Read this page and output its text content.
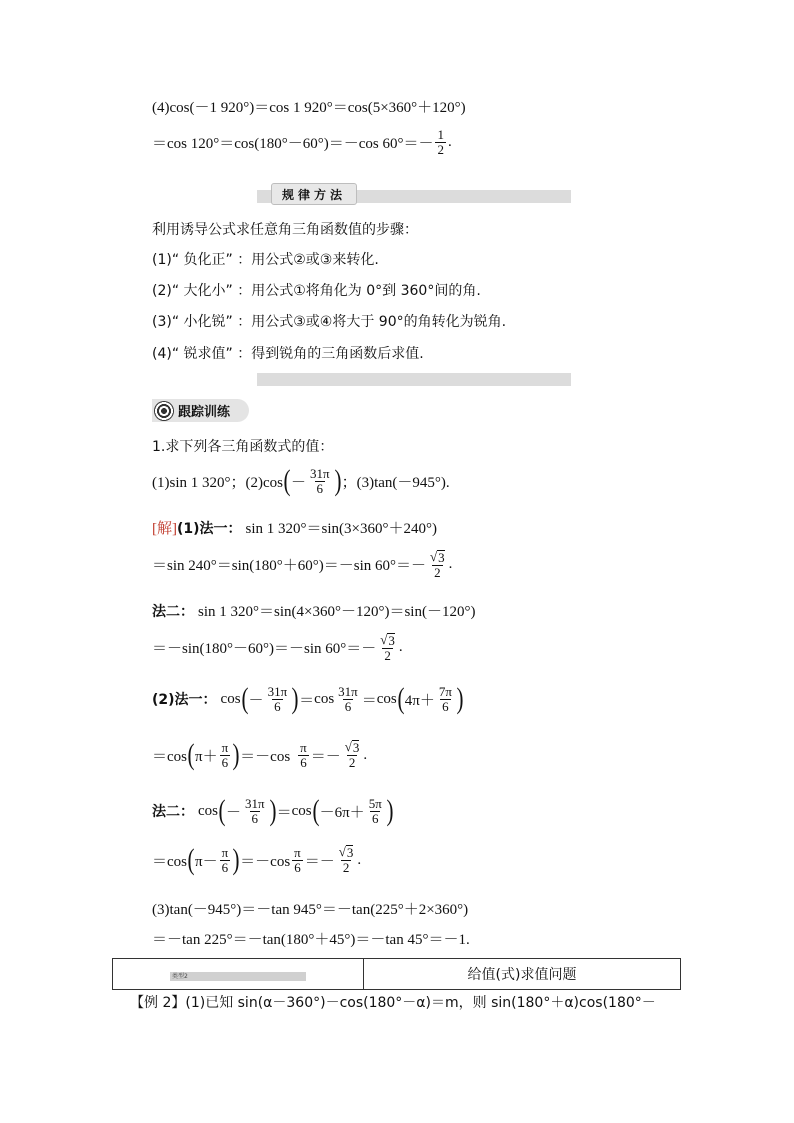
(4)cos(－1 920°)＝cos 1 920°＝cos(5×360°＋120°)
＝cos 120°＝cos(180°－60°)＝－cos $60^\circ=- \frac{1}{2}$ .
规律方法
利用诱导公式求任意角三角函数值的步骤：
(1)“ 负化正” ：用公式②或③来转化.
(2)“ 大化小” ：用公式①将角化为 0°到 360°间的角.
(3)“ 小化锐” ：用公式③或④将大于 90°的角转化为锐角.
(4)“ 锐求值” ：得到锐角的三角函数后求值.
跟踪训练
1.求下列各三角函数式的值：
(1)sin 1 320°；(2)cos ( － $\frac{31\pi}{6}$ ) ；(3)tan(－945°).
[解] (1)法一： sin 1 320°＝sin(3×360°＋240°)
＝sin 240°＝sin(180°＋60°)＝－sin $60^\circ=- \frac{√ 3}{2}$ .
法二： sin 1 320°＝sin(4×360°－120°)＝sin(－120°)
＝－sin(180°－60°)＝－sin $60^\circ=- \frac{√ 3}{2}$ .
(2)法一： cos ( － $\frac{31\pi}{6}$ ) ＝ $\cos \frac{31\pi}{6} = \cos$ ( $4\pi+ \frac{7\pi}{6}$ )
＝cos ( $\pi+ \frac{\pi}{6}$ ) $=-\cos \frac{\pi}{6} =- \frac{√ 3}{2}$ .
法二： cos ( － $\frac{31\pi}{6}$ ) ＝ cos ( $-6\pi+ \frac{5\pi}{6}$ )
＝cos ( $\pi- \frac{\pi}{6}$ ) $=-\cos \frac{\pi}{6} =- \frac{√ 3}{2}$ .
(3)tan(－945°)＝－tan 945°＝－tan(225°＋2×360°)
＝－tan 225°＝－tan(180°＋45°)＝－tan 45°＝－1.
类型2	给值(式)求值问题
【例 2】(1)已知 sin(α－360°)－cos(180°－α)＝m，则 sin(180°＋α)cos(180°－
